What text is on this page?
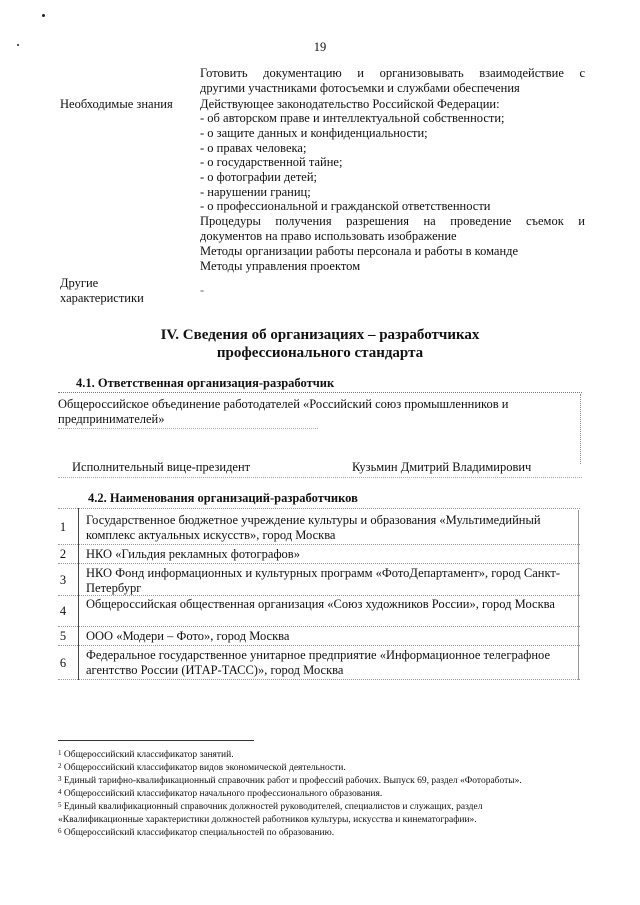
19
Готовить документацию и организовывать взаимодействие с
другими участниками фотосъемки и службами обеспечения
Необходимые знания Действующее законодательство Российской Федерации:
- об авторском праве и интеллектуальной собственности;
- о защите данных и конфиденциальности;
- о правах человека;
- о государственной тайне;
- о фотографии детей;
- нарушении границ;
- о профессиональной и гражданской ответственности
Процедуры получения разрешения на проведение съемок и
документов на право использовать изображение
Методы организации работы персонала и работы в команде
Методы управления проектом
Другие
характеристики
-
IV. Сведения об организациях – разработчиках
профессионального стандарта
4.1. Ответственная организация-разработчик
Общероссийское объединение работодателей «Российский союз промышленников и
предпринимателей»
Исполнительный вице-президент	Кузьмин Дмитрий Владимирович
4.2. Наименования организаций-разработчиков
1 Государственное бюджетное учреждение культуры и образования «Мультимедийный комплекс актуальных искусств», город Москва
2 НКО «Гильдия рекламных фотографов»
3 НКО Фонд информационных и культурных программ «ФотоДепартамент», город Санкт-Петербург
4 Общероссийская общественная организация «Союз художников России», город Москва
5 ООО «Модери – Фото», город Москва
6
Федеральное государственное унитарное предприятие «Информационное телеграфное агентство России (ИТАР-ТАСС)», город Москва
$^1$ Общероссийский классификатор занятий.
$^2$ Общероссийский классификатор видов экономической деятельности.
$^3$ Единый тарифно-квалификационный справочник работ и профессий рабочих. Выпуск 69, раздел «Фотоработы».
$^4$ Общероссийский классификатор начального профессионального образования.
$^5$ Единый квалификационный справочник должностей руководителей, специалистов и служащих, раздел
«Квалификационные характеристики должностей работников культуры, искусства и кинематографии».
$^6$ Общероссийский классификатор специальностей по образованию.
